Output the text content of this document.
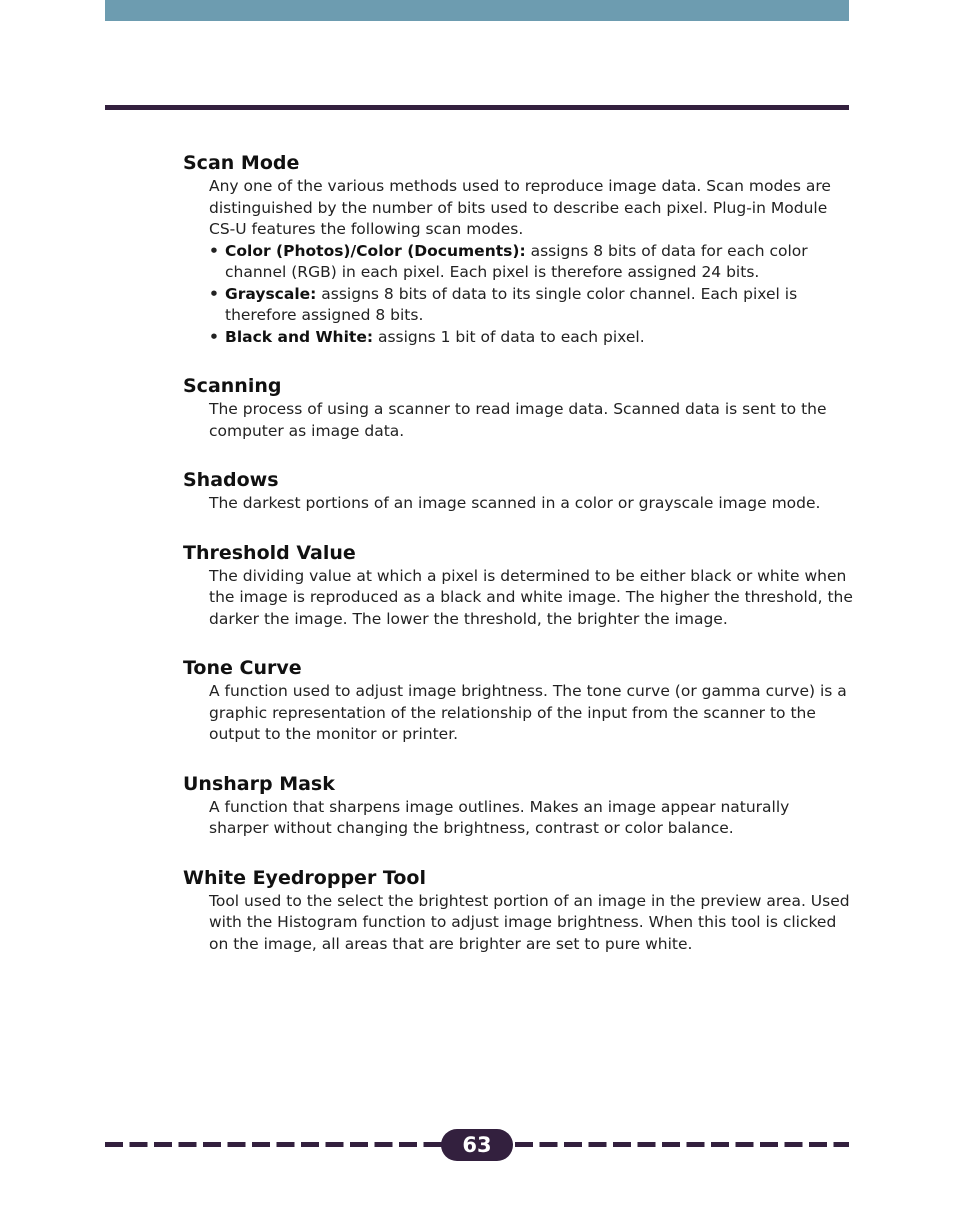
Scan Mode

Any one of the various methods used to reproduce image data. Scan modes are distinguished by the number of bits used to describe each pixel. Plug-in Module CS-U features the following scan modes.

• Color (Photos)/Color (Documents): assigns 8 bits of data for each color channel (RGB) in each pixel. Each pixel is therefore assigned 24 bits.
• Grayscale: assigns 8 bits of data to its single color channel. Each pixel is therefore assigned 8 bits.
• Black and White: assigns 1 bit of data to each pixel.
Scanning

The process of using a scanner to read image data. Scanned data is sent to the computer as image data.

Shadows

The darkest portions of an image scanned in a color or grayscale image mode.

Threshold Value

The dividing value at which a pixel is determined to be either black or white when the image is reproduced as a black and white image. The higher the threshold, the darker the image. The lower the threshold, the brighter the image.

Tone Curve

A function used to adjust image brightness. The tone curve (or gamma curve) is a graphic representation of the relationship of the input from the scanner to the output to the monitor or printer.

Unsharp Mask

A function that sharpens image outlines. Makes an image appear naturally sharper without changing the brightness, contrast or color balance.

White Eyedropper Tool

Tool used to the select the brightest portion of an image in the preview area. Used with the Histogram function to adjust image brightness. When this tool is clicked on the image, all areas that are brighter are set to pure white.

63
